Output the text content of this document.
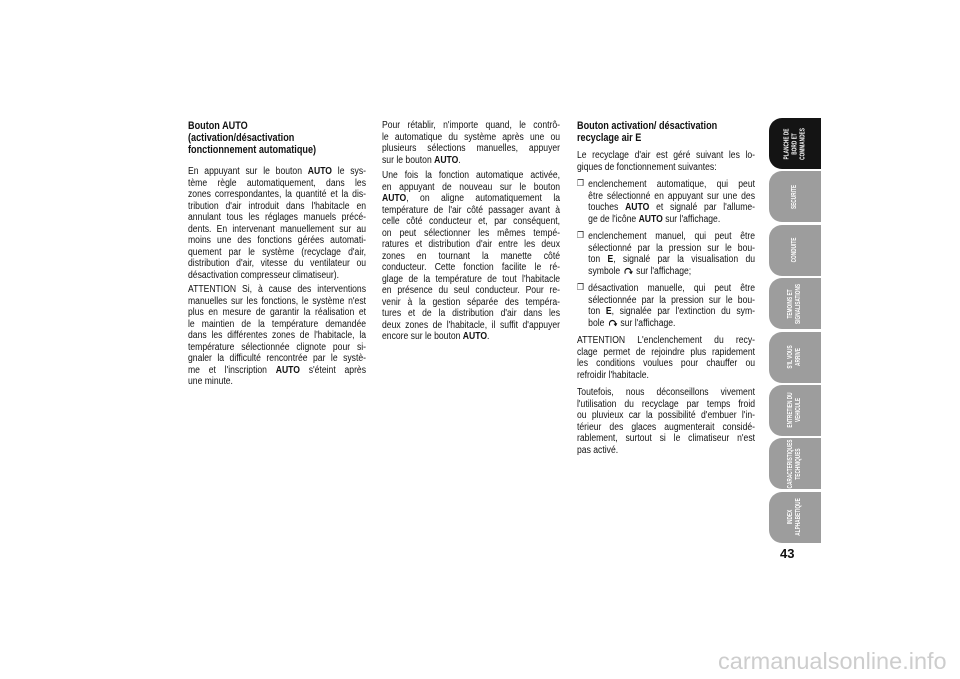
Bouton AUTO
(activation/désactivation
fonctionnement automatique)
En appuyant sur le bouton AUTO le sys-
tème règle automatiquement, dans les
zones correspondantes, la quantité et la dis-
tribution d'air introduit dans l'habitacle en
annulant tous les réglages manuels précé-
dents. En intervenant manuellement sur au
moins une des fonctions gérées automati-
quement par le système (recyclage d'air,
distribution d'air, vitesse du ventilateur ou
désactivation compresseur climatiseur).
ATTENTION Si, à cause des interventions
manuelles sur les fonctions, le système n'est
plus en mesure de garantir la réalisation et
le maintien de la température demandée
dans les différentes zones de l'habitacle, la
température sélectionnée clignote pour si-
gnaler la difficulté rencontrée par le systè-
me et l'inscription AUTO s'éteint après
une minute.
Pour rétablir, n'importe quand, le contrô-
le automatique du système après une ou
plusieurs sélections manuelles, appuyer
sur le bouton AUTO.
Une fois la fonction automatique activée,
en appuyant de nouveau sur le bouton
AUTO, on aligne automatiquement la
température de l'air côté passager avant à
celle côté conducteur et, par conséquent,
on peut sélectionner les mêmes tempé-
ratures et distribution d'air entre les deux
zones en tournant la manette côté
conducteur. Cette fonction facilite le ré-
glage de la température de tout l'habitacle
en présence du seul conducteur. Pour re-
venir à la gestion séparée des tempéra-
tures et de la distribution d'air dans les
deux zones de l'habitacle, il suffit d'appuyer
encore sur le bouton AUTO.
Bouton activation/ désactivation
recyclage air E
Le recyclage d'air est géré suivant les lo-
giques de fonctionnement suivantes:
❒ enclenchement automatique, qui peut
être sélectionné en appuyant sur une des
touches AUTO et signalé par l'allume-
ge de l'icône AUTO sur l'affichage.
❒ enclenchement manuel, qui peut être
sélectionné par la pression sur le bou-
ton E, signalé par la visualisation du
symbole
sur l'affichage;
❒ désactivation manuelle, qui peut être
sélectionnée par la pression sur le bou-
ton E, signalée par l'extinction du sym-
bole
sur l'affichage.
ATTENTION L'enclenchement du recy-
clage permet de rejoindre plus rapidement
les conditions voulues pour chauffer ou
refroidir l'habitacle.
Toutefois, nous déconseillons vivement
l'utilisation du recyclage par temps froid
ou pluvieux car la possibilité d'embuer l'in-
térieur des glaces augmenterait considé-
rablement, surtout si le climatiseur n'est
pas activé.
PLANCHE DE BORD ET COMMANDES
SECURITE
CONDUITE
TEMOINS ET SIGNALISATIONS
S'IL VOUS ARRIVE
ENTRETIEN DU VEHICULE
CARACTERISTIQUES TECHNIQUES
INDEX ALPHABETIQUE
43
carmanualsonline.info
